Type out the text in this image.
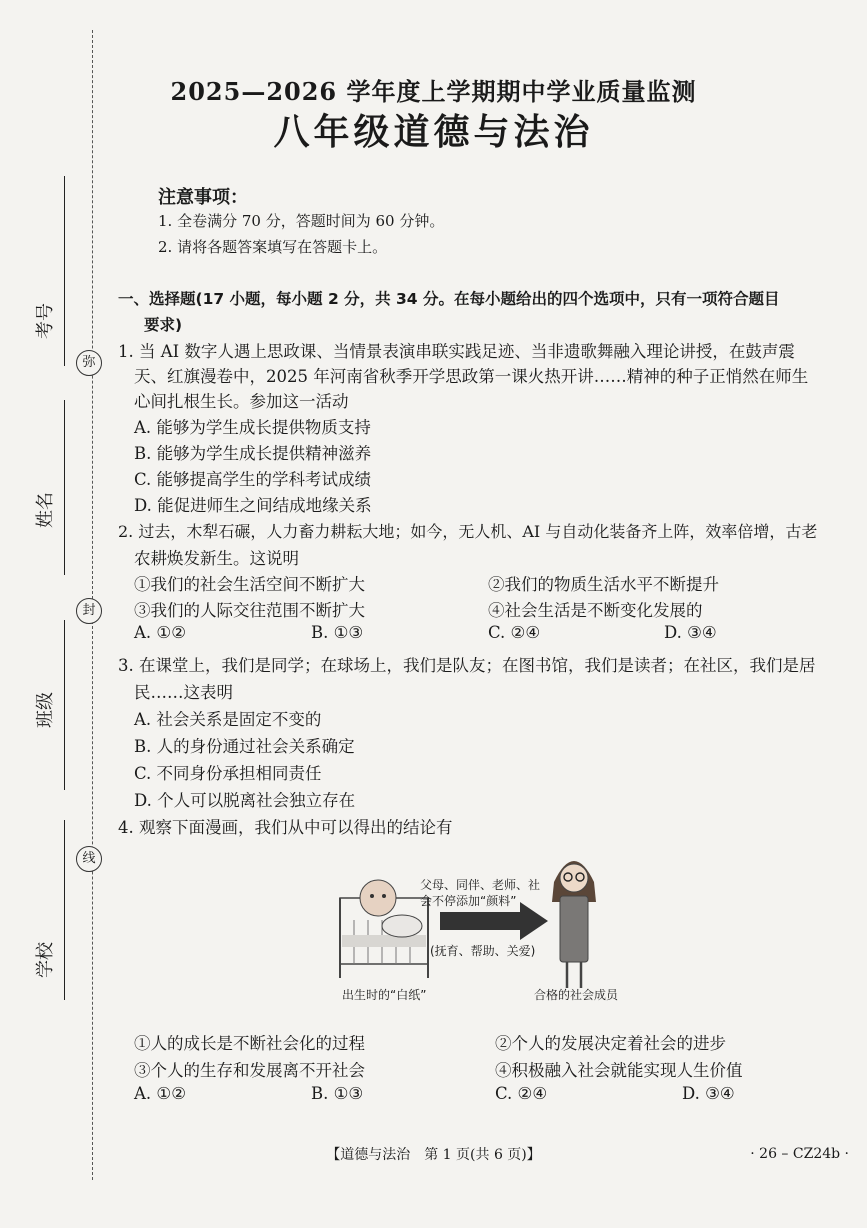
弥
封
线
考号
姓名
班级
学校
2025—2026 学年度上学期期中学业质量监测
八年级道德与法治
注意事项：
1. 全卷满分 70 分，答题时间为 60 分钟。
2. 请将各题答案填写在答题卡上。
一、选择题(17 小题，每小题 2 分，共 34 分。在每小题给出的四个选项中，只有一项符合题目
要求)
1. 当 AI 数字人遇上思政课、当情景表演串联实践足迹、当非遗歌舞融入理论讲授，在鼓声震
天、红旗漫卷中，2025 年河南省秋季开学思政第一课火热开讲……精神的种子正悄然在师生
心间扎根生长。参加这一活动
A. 能够为学生成长提供物质支持
B. 能够为学生成长提供精神滋养
C. 能够提高学生的学科考试成绩
D. 能促进师生之间结成地缘关系
2. 过去，木犁石碾，人力畜力耕耘大地；如今，无人机、AI 与自动化装备齐上阵，效率倍增，古老
农耕焕发新生。这说明
①我们的社会生活空间不断扩大	②我们的物质生活水平不断提升
③我们的人际交往范围不断扩大	④社会生活是不断变化发展的
A. ①②	B. ①③	C. ②④	D. ③④
3. 在课堂上，我们是同学；在球场上，我们是队友；在图书馆，我们是读者；在社区，我们是居
民……这表明
A. 社会关系是固定不变的
B. 人的身份通过社会关系确定
C. 不同身份承担相同责任
D. 个人可以脱离社会独立存在
4. 观察下面漫画，我们从中可以得出的结论有
父母、同伴、老师、社
会不停添加“颜料”
(抚育、帮助、关爱)
出生时的“白纸”	合格的社会成员
①人的成长是不断社会化的过程	②个人的发展决定着社会的进步
③个人的生存和发展离不开社会	④积极融入社会就能实现人生价值
A. ①②	B. ①③	C. ②④	D. ③④
【道德与法治　第 1 页(共 6 页)】	· 26 – CZ24b ·
